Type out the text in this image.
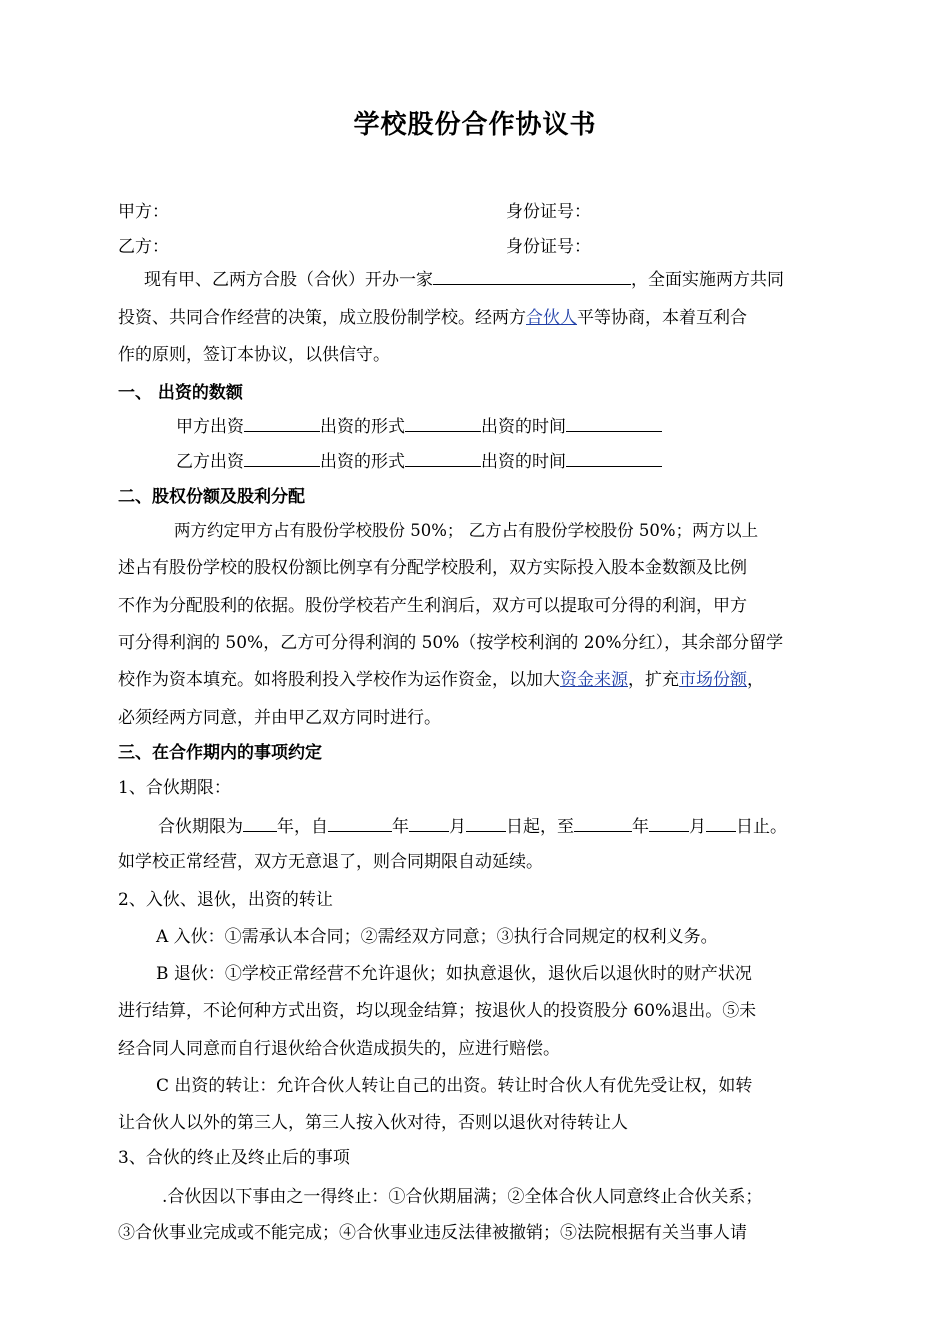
学校股份合作协议书
甲方：	身份证号：
乙方：	身份证号：
现有甲、乙两方合股（合伙）开办一家	，全面实施两方共同
投资、共同合作经营的决策，成立股份制学校。经两方合伙人平等协商，本着互利合
作的原则，签订本协议，以供信守。
一、 出资的数额
甲方出资	出资的形式	出资的时间
乙方出资	出资的形式	出资的时间
二、股权份额及股利分配
两方约定甲方占有股份学校股份 50%； 乙方占有股份学校股份 50%；两方以上
述占有股份学校的股权份额比例享有分配学校股利，双方实际投入股本金数额及比例
不作为分配股利的依据。股份学校若产生利润后，双方可以提取可分得的利润，甲方
可分得利润的 50%，乙方可分得利润的 50%（按学校利润的 20%分红），其余部分留学
校作为资本填充。如将股利投入学校作为运作资金，以加大资金来源，扩充市场份额，
必须经两方同意，并由甲乙双方同时进行。
三、在合作期内的事项约定
1、合伙期限：
合伙期限为 年，自	年 月 日起，至	年 月 日止。
如学校正常经营，双方无意退了，则合同期限自动延续。
2、入伙、退伙，出资的转让
A 入伙：①需承认本合同；②需经双方同意；③执行合同规定的权利义务。
B 退伙：①学校正常经营不允许退伙；如执意退伙，退伙后以退伙时的财产状况
进行结算，不论何种方式出资，均以现金结算；按退伙人的投资股分 60%退出。⑤未
经合同人同意而自行退伙给合伙造成损失的，应进行赔偿。
C 出资的转让：允许合伙人转让自己的出资。转让时合伙人有优先受让权，如转
让合伙人以外的第三人，第三人按入伙对待，否则以退伙对待转让人
3、合伙的终止及终止后的事项
.合伙因以下事由之一得终止：①合伙期届满；②全体合伙人同意终止合伙关系；
③合伙事业完成或不能完成；④合伙事业违反法律被撤销；⑤法院根据有关当事人请
